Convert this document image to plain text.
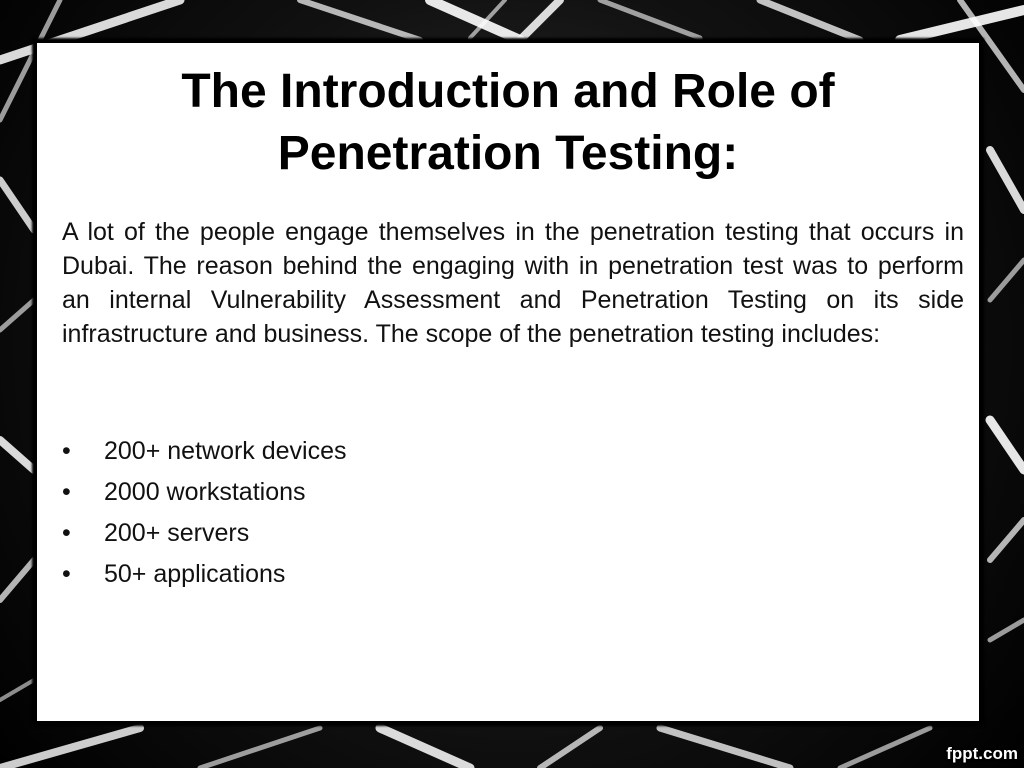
The Introduction and Role of
Penetration Testing:

A lot of the people engage themselves in the penetration testing that occurs in Dubai. The reason behind the engaging with in penetration test was to perform an internal Vulnerability Assessment and Penetration Testing on its side infrastructure and business. The scope of the penetration testing includes:

• 200+ network devices
• 2000 workstations
• 200+ servers
• 50+ applications
fppt.com
